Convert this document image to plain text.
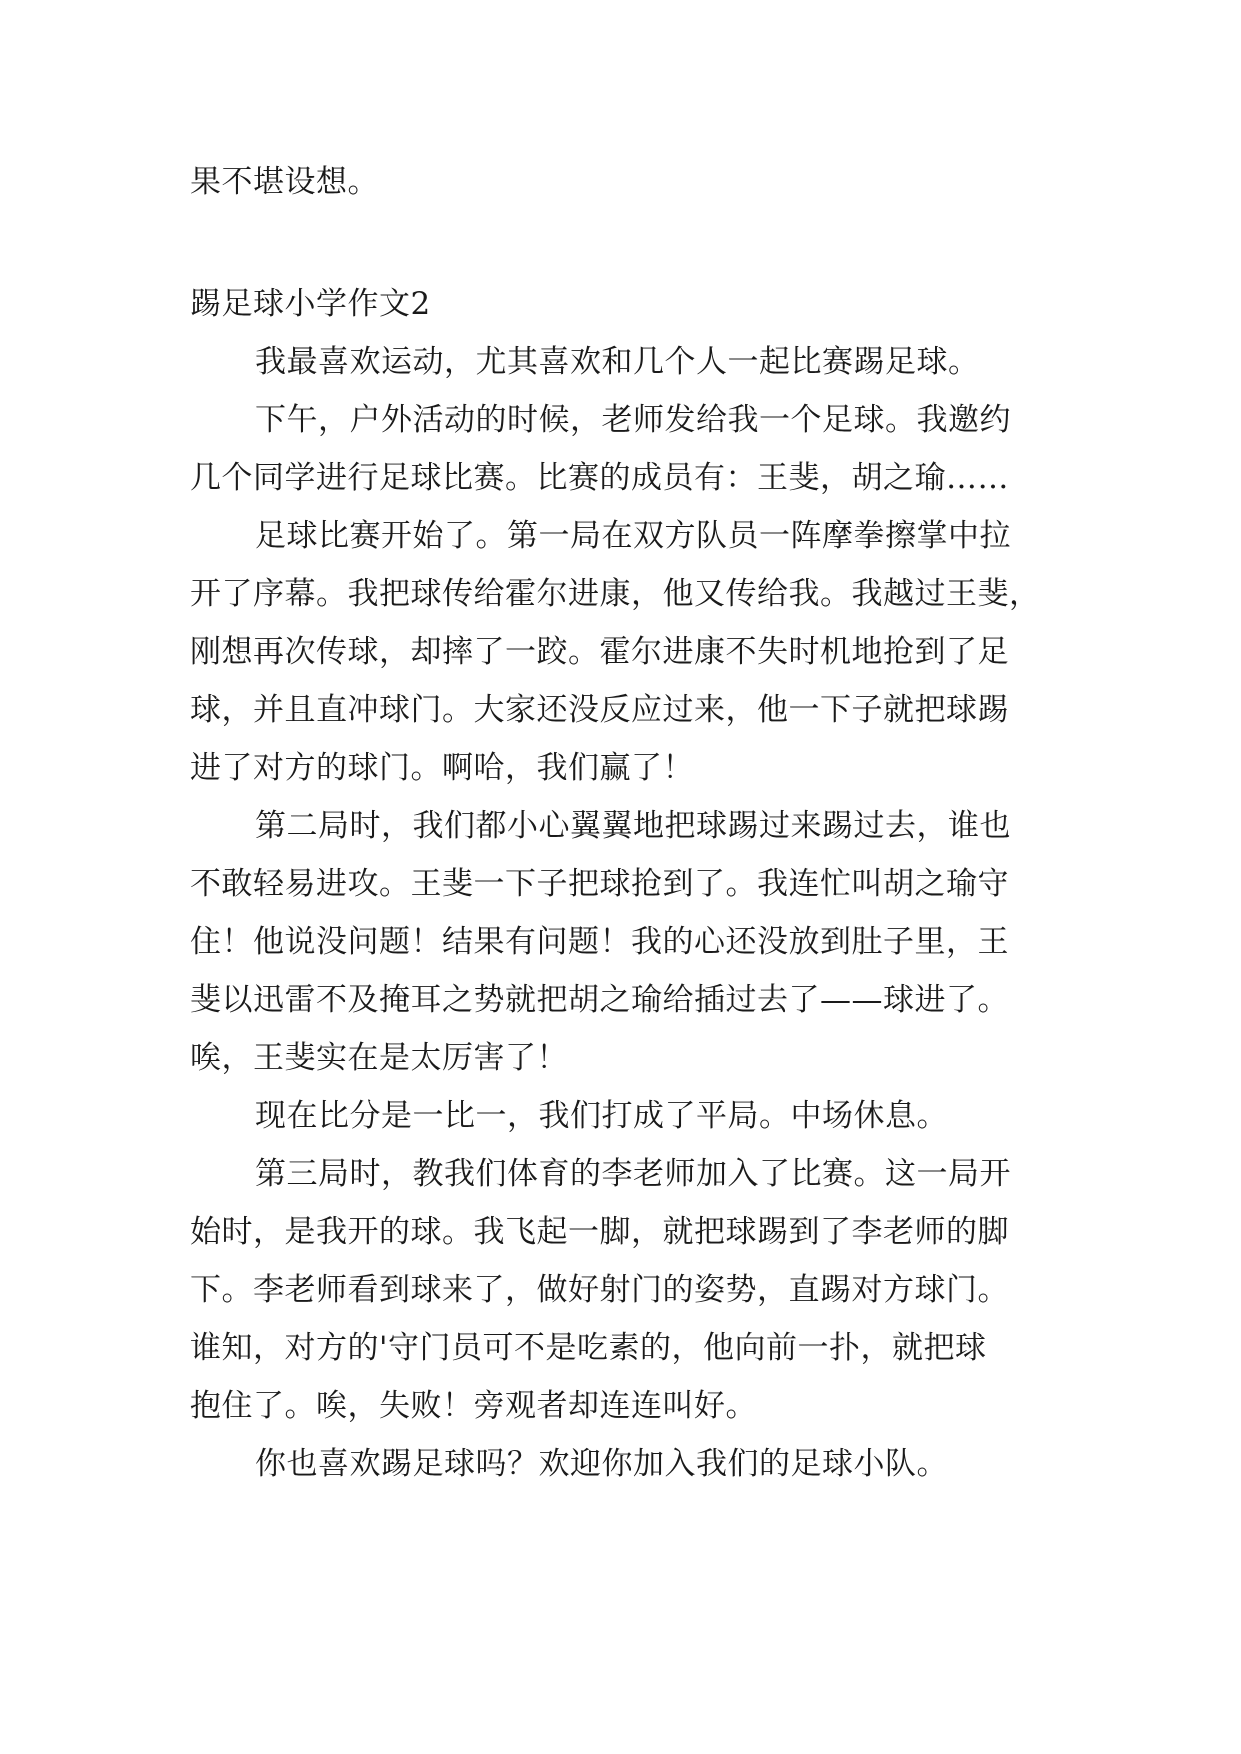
果不堪设想。
踢足球小学作文2
我最喜欢运动，尤其喜欢和几个人一起比赛踢足球。
下午，户外活动的时候，老师发给我一个足球。我邀约
几个同学进行足球比赛。比赛的成员有：王斐，胡之瑜……
足球比赛开始了。第一局在双方队员一阵摩拳擦掌中拉
开了序幕。我把球传给霍尔进康，他又传给我。我越过王斐，
刚想再次传球，却摔了一跤。霍尔进康不失时机地抢到了足
球，并且直冲球门。大家还没反应过来，他一下子就把球踢
进了对方的球门。啊哈，我们赢了！
第二局时，我们都小心翼翼地把球踢过来踢过去，谁也
不敢轻易进攻。王斐一下子把球抢到了。我连忙叫胡之瑜守
住！他说没问题！结果有问题！我的心还没放到肚子里，王
斐以迅雷不及掩耳之势就把胡之瑜给插过去了——球进了。
唉，王斐实在是太厉害了！
现在比分是一比一，我们打成了平局。中场休息。
第三局时，教我们体育的李老师加入了比赛。这一局开
始时，是我开的球。我飞起一脚，就把球踢到了李老师的脚
下。李老师看到球来了，做好射门的姿势，直踢对方球门。
谁知，对方的'守门员可不是吃素的，他向前一扑，就把球
抱住了。唉，失败！旁观者却连连叫好。
你也喜欢踢足球吗？欢迎你加入我们的足球小队。
